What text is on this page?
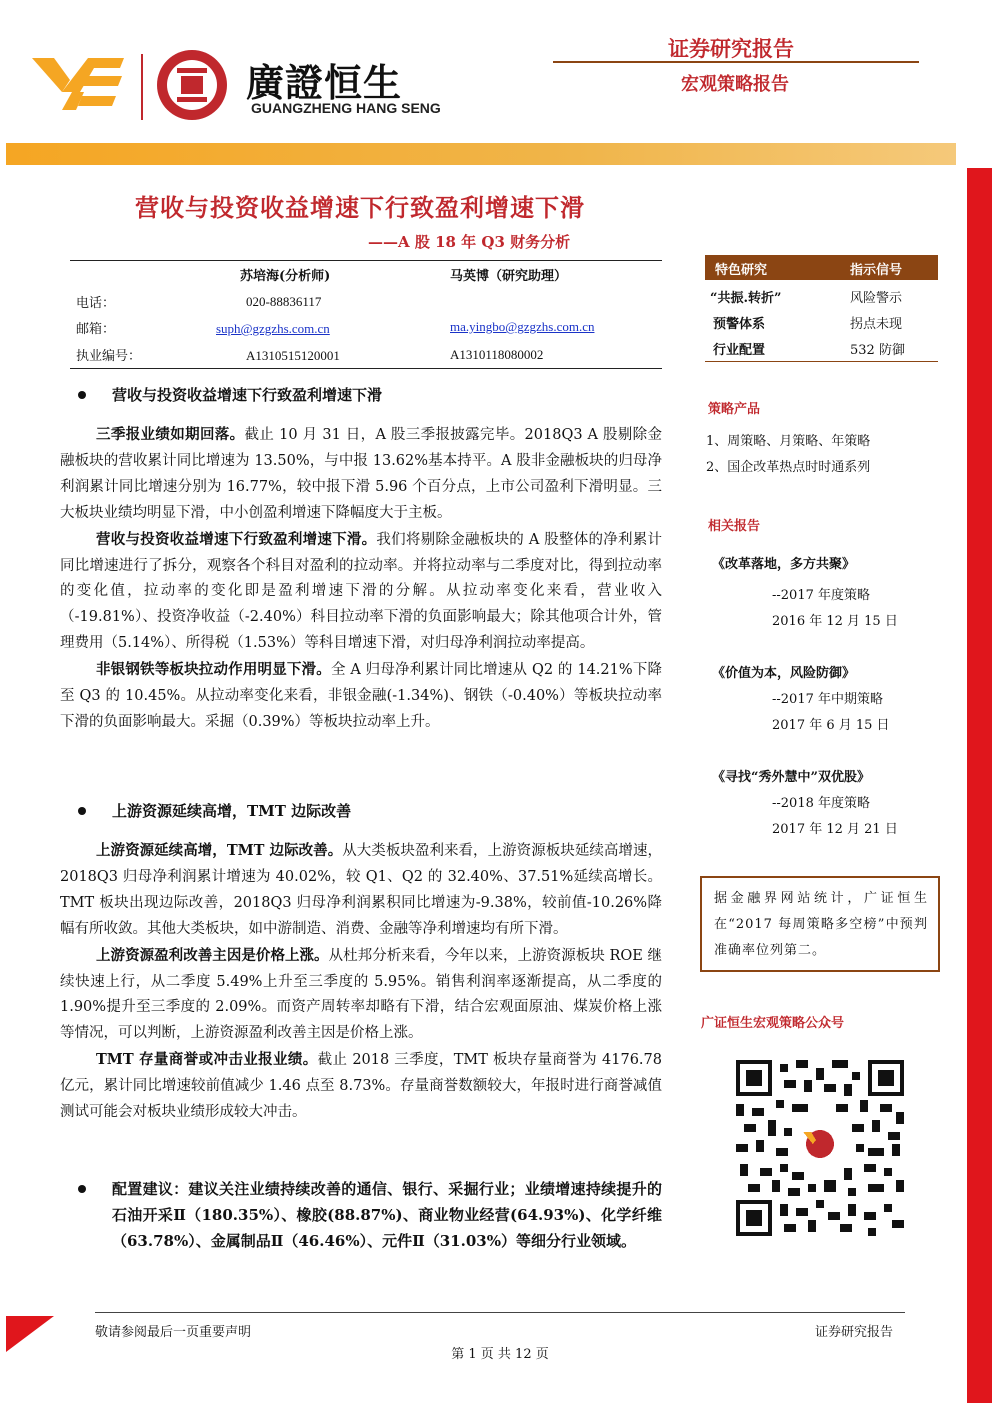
廣證恒生
GUANGZHENG HANG SENG
证券研究报告
宏观策略报告
营收与投资收益增速下行致盈利增速下滑
——A 股 18 年 Q3 财务分析
苏培海(分析师)	马英博（研究助理）
电话：	020-88836117
邮箱：	suph@gzgzhs.com.cn	ma.yingbo@gzgzhs.com.cn
执业编号：	A1310515120001	A1310118080002
营收与投资收益增速下行致盈利增速下滑

三季报业绩如期回落。截止 10 月 31 日，A 股三季报披露完毕。2018Q3 A 股剔除金融板块的营收累计同比增速为 13.50%，与中报 13.62%基本持平。A 股非金融板块的归母净利润累计同比增速分别为 16.77%，较中报下滑 5.96 个百分点，上市公司盈利下滑明显。三大板块业绩均明显下滑，中小创盈利增速下降幅度大于主板。

营收与投资收益增速下行致盈利增速下滑。我们将剔除金融板块的 A 股整体的净利累计同比增速进行了拆分，观察各个科目对盈利的拉动率。并将拉动率与二季度对比，得到拉动率的变化值，拉动率的变化即是盈利增速下滑的分解。从拉动率变化来看，营业收入（-19.81%）、投资净收益（-2.40%）科目拉动率下滑的负面影响最大；除其他项合计外，管理费用（5.14%）、所得税（1.53%）等科目增速下滑，对归母净利润拉动率提高。

非银钢铁等板块拉动作用明显下滑。全 A 归母净利累计同比增速从 Q2 的 14.21%下降至 Q3 的 10.45%。从拉动率变化来看，非银金融(-1.34%)、钢铁（-0.40%）等板块拉动率下滑的负面影响最大。采掘（0.39%）等板块拉动率上升。

上游资源延续高增，TMT 边际改善

上游资源延续高增，TMT 边际改善。从大类板块盈利来看，上游资源板块延续高增速，2018Q3 归母净利润累计增速为 40.02%，较 Q1、Q2 的 32.40%、37.51%延续高增长。TMT 板块出现边际改善，2018Q3 归母净利润累积同比增速为-9.38%，较前值-10.26%降幅有所收敛。其他大类板块，如中游制造、消费、金融等净利增速均有所下滑。

上游资源盈利改善主因是价格上涨。从杜邦分析来看，今年以来，上游资源板块 ROE 继续快速上行，从二季度 5.49%上升至三季度的 5.95%。销售利润率逐渐提高，从二季度的 1.90%提升至三季度的 2.09%。而资产周转率却略有下滑，结合宏观面原油、煤炭价格上涨等情况，可以判断，上游资源盈利改善主因是价格上涨。

TMT 存量商誉或冲击业报业绩。截止 2018 三季度，TMT 板块存量商誉为 4176.78 亿元，累计同比增速较前值减少 1.46 点至 8.73%。存量商誉数额较大，年报时进行商誉减值测试可能会对板块业绩形成较大冲击。

配置建议：建议关注业绩持续改善的通信、银行、采掘行业；业绩增速持续提升的石油开采Ⅱ（180.35%）、橡胶(88.87%)、商业物业经营(64.93%)、化学纤维（63.78%）、金属制品Ⅱ（46.46%）、元件Ⅱ（31.03%）等细分行业领域。
特色研究	指示信号
“共振.转折”	风险警示
预警体系	拐点未现
行业配置	532 防御
策略产品
1、周策略、月策略、年策略
2、国企改革热点时时通系列
相关报告
《改革落地，多方共聚》
--2017 年度策略
2016 年 12 月 15 日
《价值为本，风险防御》
--2017 年中期策略
2017 年 6 月 15 日
《寻找“秀外慧中”双优股》
--2018 年度策略
2017 年 12 月 21 日
据金融界网站统计，广证恒生在“2017 每周策略多空榜”中预判准确率位列第二。
广证恒生宏观策略公众号
敬请参阅最后一页重要声明	证券研究报告
第 1 页 共 12 页
